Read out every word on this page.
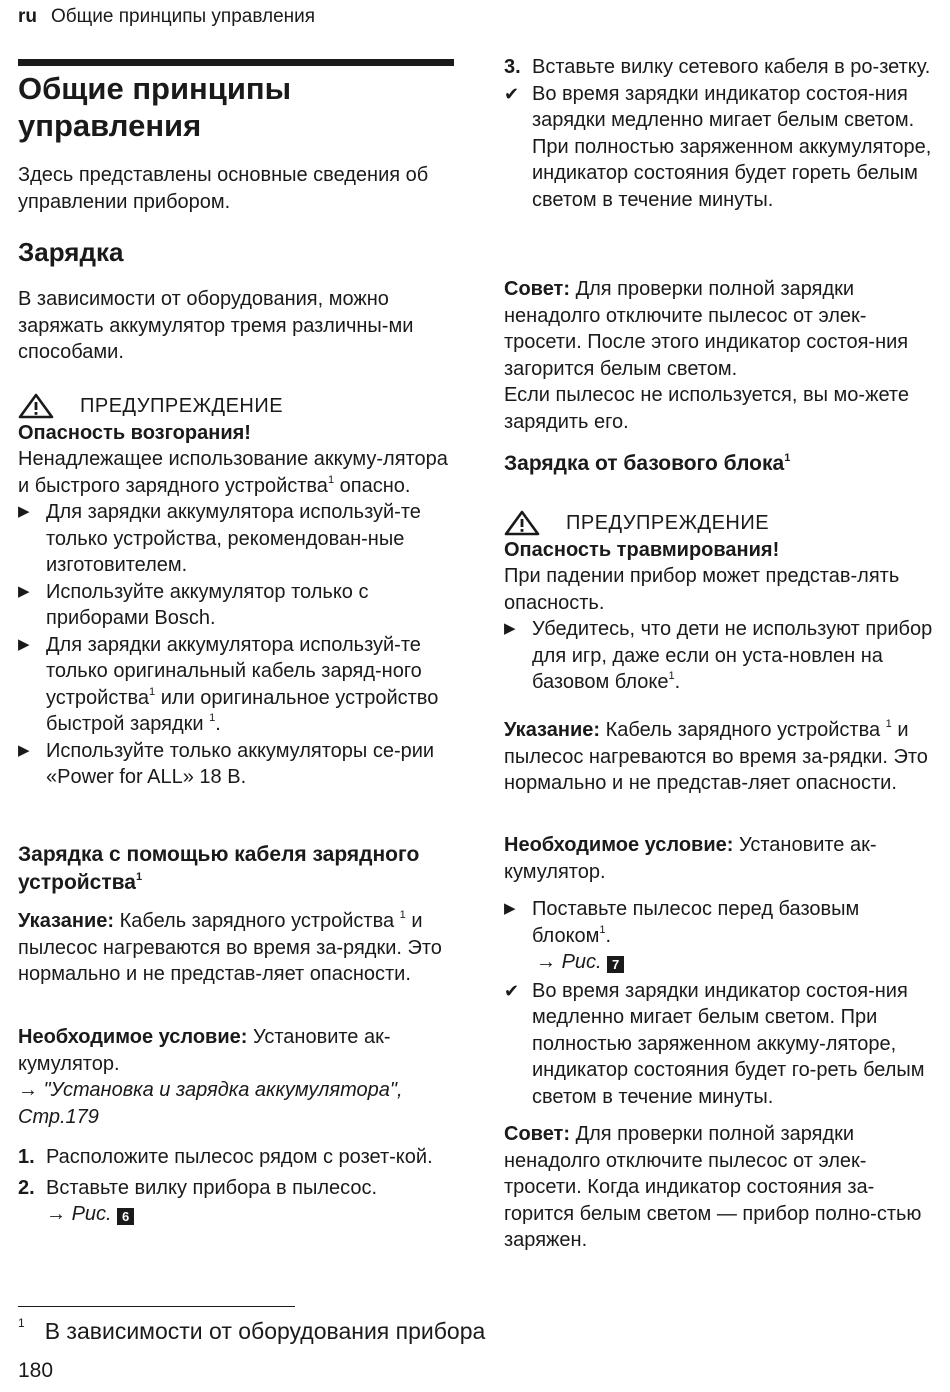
ru Общие принципы управления
Общие принципы управления
Здесь представлены основные сведения об управлении прибором.
Зарядка
В зависимости от оборудования, можно заряжать аккумулятор тремя различны-ми способами.
ПРЕДУПРЕЖДЕНИЕ
Опасность возгорания!
Ненадлежащее использование аккуму-лятора и быстрого зарядного устройства$^1$ опасно.
▶ Для зарядки аккумулятора используй-те только устройства, рекомендован-ные изготовителем.
▶ Используйте аккумулятор только с приборами Bosch.
▶ Для зарядки аккумулятора используй-те только оригинальный кабель заряд-ного устройства$^1$ или оригинальное устройство быстрой зарядки $^1$.
▶ Используйте только аккумуляторы се-рии «Power for ALL» 18 В.
Зарядка с помощью кабеля зарядного устройства$^1$
Указание: Кабель зарядного устройства $^1$ и пылесос нагреваются во время за-рядки. Это нормально и не представ-ляет опасности.
Необходимое условие: Установите ак-кумулятор.
→ "Установка и зарядка аккумулятора", Стр.179
1. Расположите пылесос рядом с розет-кой.
2. Вставьте вилку прибора в пылесос.
→ Рис. 6
3. Вставьте вилку сетевого кабеля в ро-зетку.
✔ Во время зарядки индикатор состоя-ния зарядки медленно мигает белым светом. При полностью заряженном аккумуляторе, индикатор состояния будет гореть белым светом в течение минуты.
Совет: Для проверки полной зарядки ненадолго отключите пылесос от элек-тросети. После этого индикатор состоя-ния загорится белым светом.
Если пылесос не используется, вы мо-жете зарядить его.
Зарядка от базового блока$^1$
ПРЕДУПРЕЖДЕНИЕ
Опасность травмирования!
При падении прибор может представ-лять опасность.
▶ Убедитесь, что дети не используют прибор для игр, даже если он уста-новлен на базовом блоке$^1$.
Указание: Кабель зарядного устройства $^1$ и пылесос нагреваются во время за-рядки. Это нормально и не представ-ляет опасности.
Необходимое условие: Установите ак-кумулятор.
▶ Поставьте пылесос перед базовым блоком$^1$.
→ Рис. 7
✔ Во время зарядки индикатор состоя-ния медленно мигает белым светом. При полностью заряженном аккуму-ляторе, индикатор состояния будет го-реть белым светом в течение минуты.
Совет: Для проверки полной зарядки ненадолго отключите пылесос от элек-тросети. Когда индикатор состояния за-горится белым светом — прибор полно-стью заряжен.
$^1$ В зависимости от оборудования прибора
180
